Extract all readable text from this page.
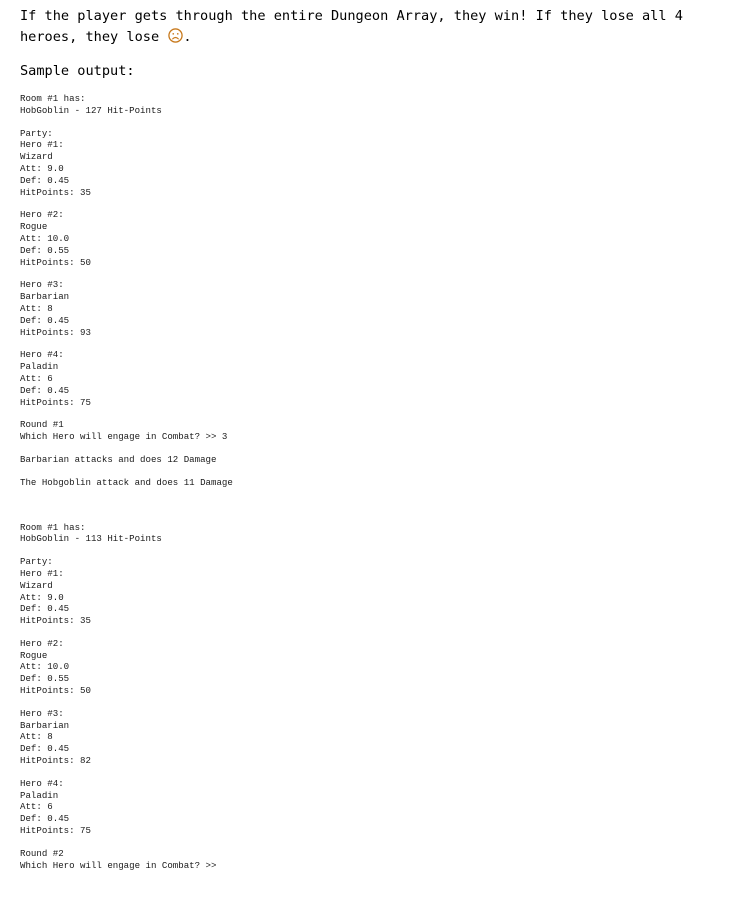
If the player gets through the entire Dungeon Array, they win! If they lose all 4 heroes, they lose .

Sample output:

Room #1 has:
HobGoblin - 127 Hit-Points
Party:
Hero #1:
Wizard
Att: 9.0
Def: 0.45
HitPoints: 35
Hero #2:
Rogue
Att: 10.0
Def: 0.55
HitPoints: 50
Hero #3:
Barbarian
Att: 8
Def: 0.45
HitPoints: 93
Hero #4:
Paladin
Att: 6
Def: 0.45
HitPoints: 75
Round #1
Which Hero will engage in Combat? >> 3
Barbarian attacks and does 12 Damage
The Hobgoblin attack and does 11 Damage
Room #1 has:
HobGoblin - 113 Hit-Points
Party:
Hero #1:
Wizard
Att: 9.0
Def: 0.45
HitPoints: 35
Hero #2:
Rogue
Att: 10.0
Def: 0.55
HitPoints: 50
Hero #3:
Barbarian
Att: 8
Def: 0.45
HitPoints: 82
Hero #4:
Paladin
Att: 6
Def: 0.45
HitPoints: 75
Round #2
Which Hero will engage in Combat? >>
